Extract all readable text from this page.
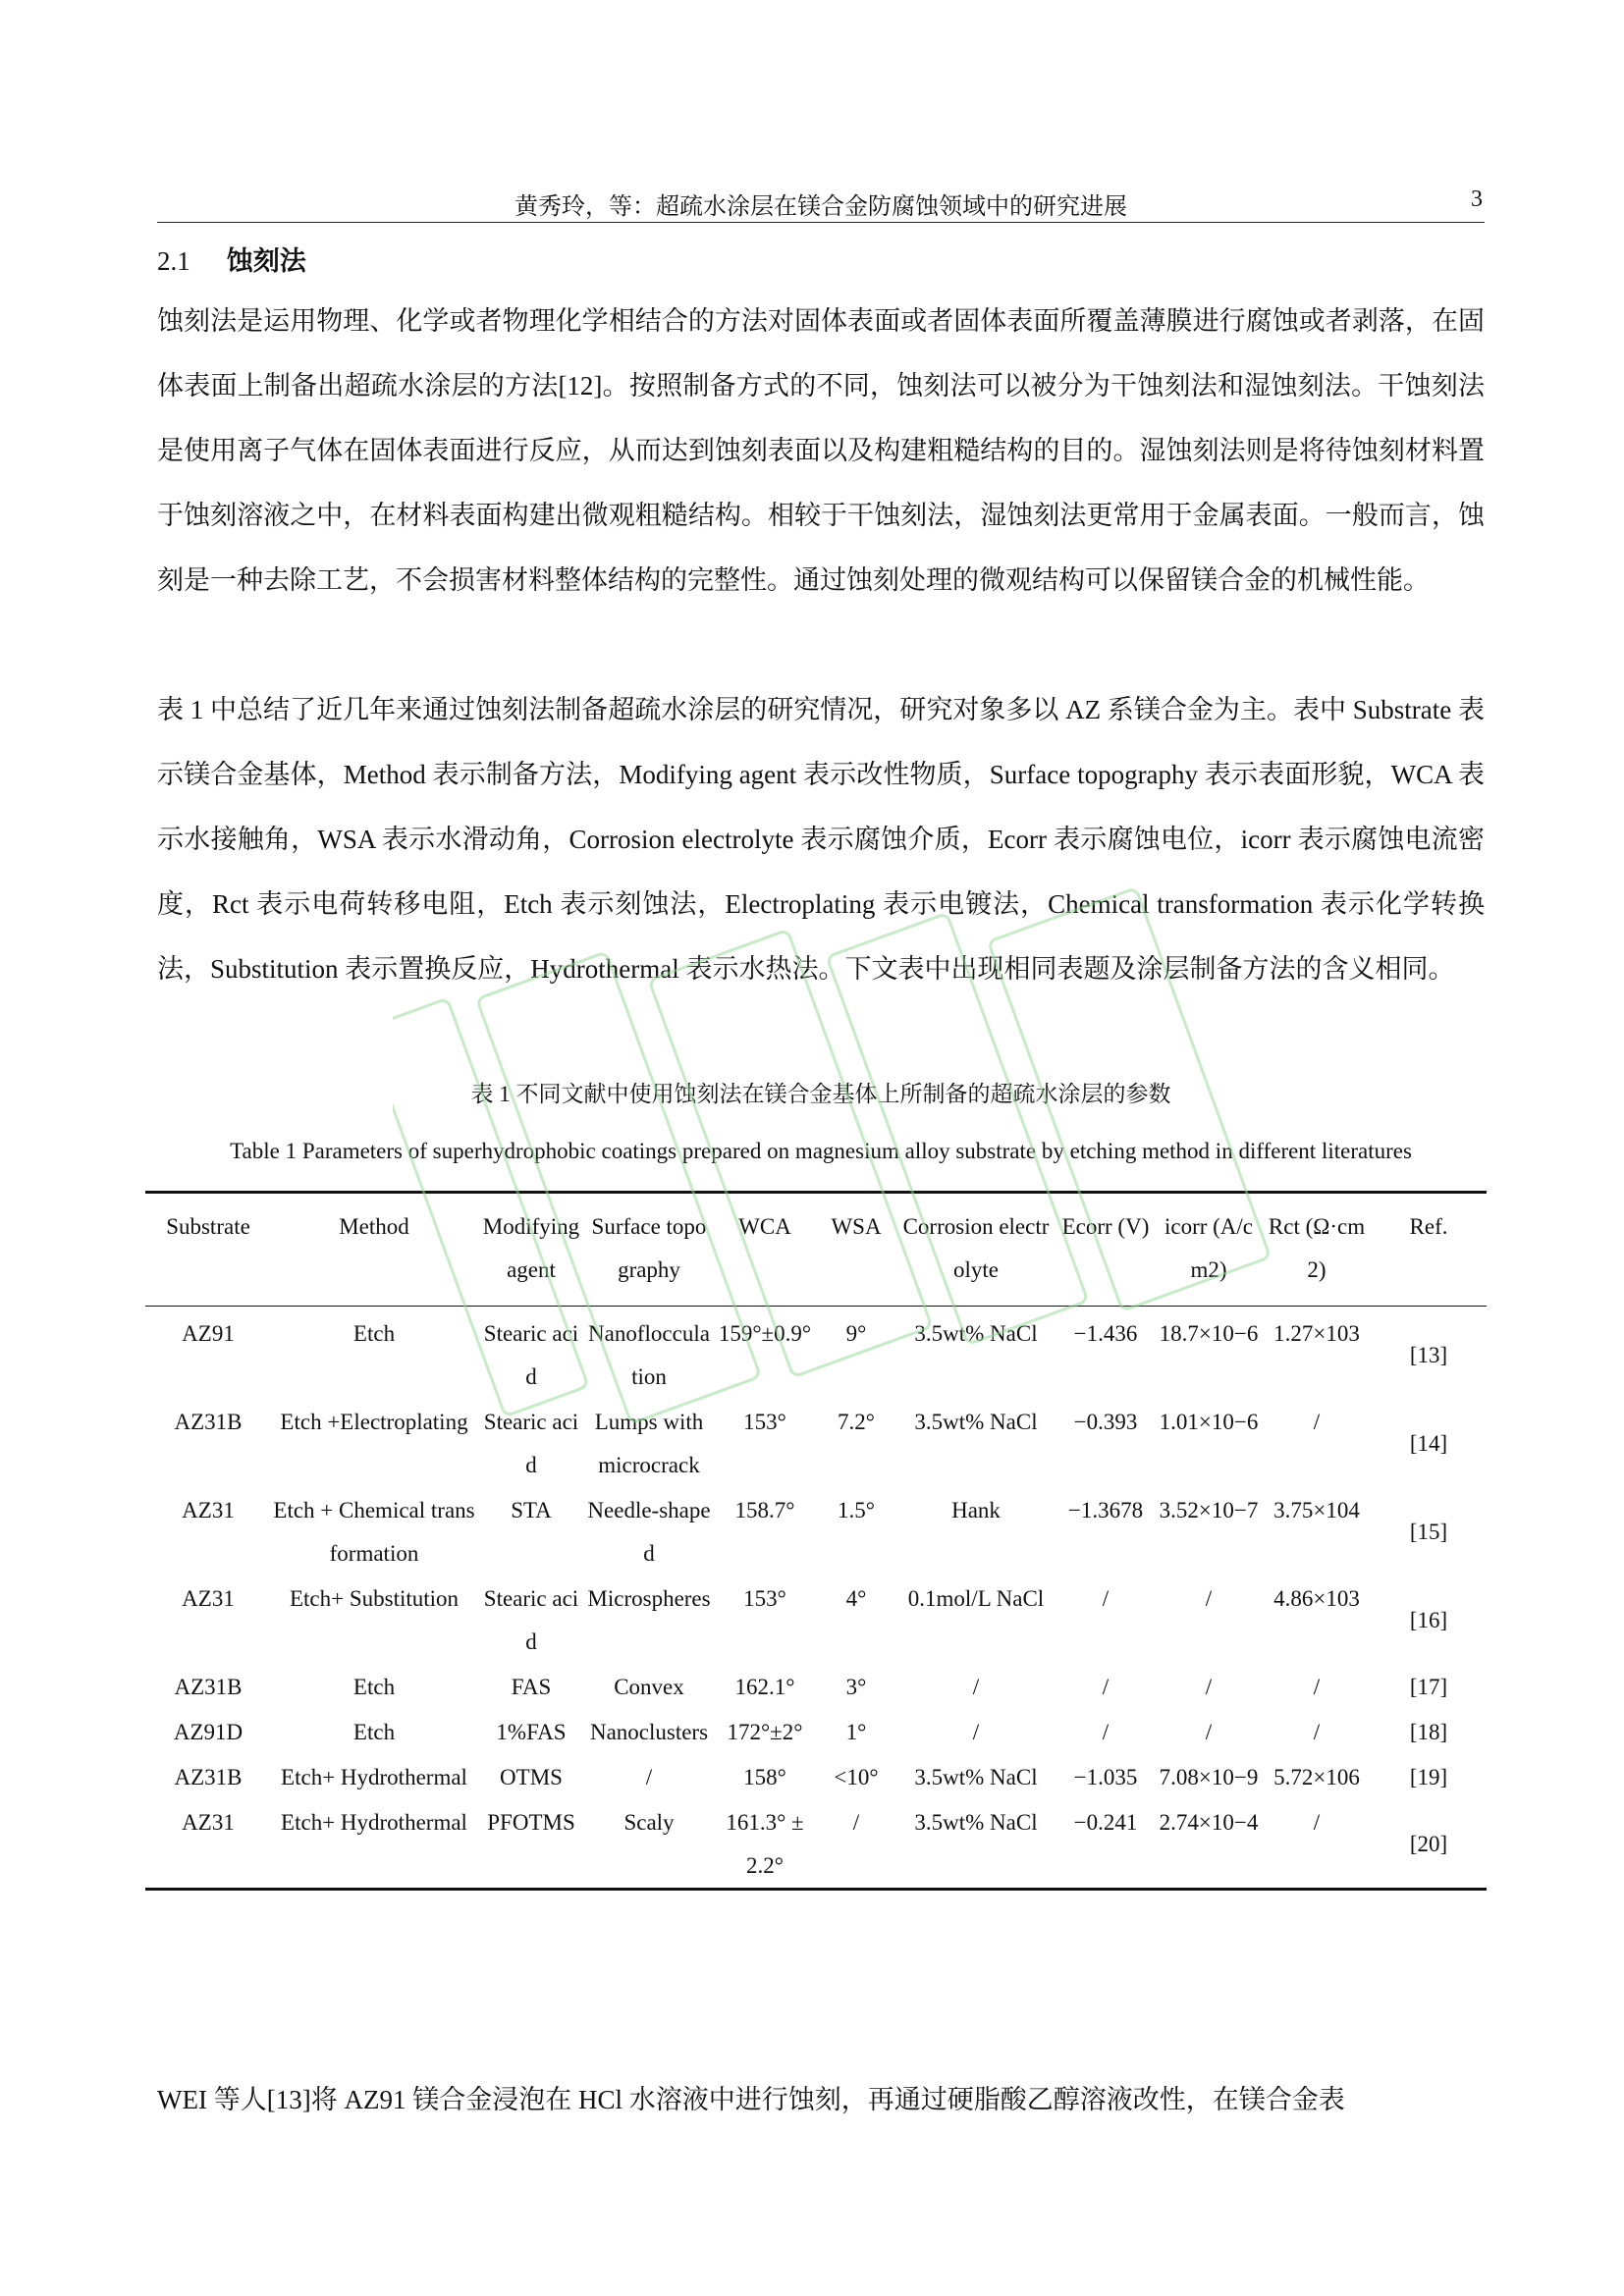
黄秀玲，等：超疏水涂层在镁合金防腐蚀领域中的研究进展	3
2.1 蚀刻法

蚀刻法是运用物理、化学或者物理化学相结合的方法对固体表面或者固体表面所覆盖薄膜进行腐蚀或者剥落，在固体表面上制备出超疏水涂层的方法[12]。按照制备方式的不同，蚀刻法可以被分为干蚀刻法和湿蚀刻法。干蚀刻法是使用离子气体在固体表面进行反应，从而达到蚀刻表面以及构建粗糙结构的目的。湿蚀刻法则是将待蚀刻材料置于蚀刻溶液之中，在材料表面构建出微观粗糙结构。相较于干蚀刻法，湿蚀刻法更常用于金属表面。一般而言，蚀刻是一种去除工艺，不会损害材料整体结构的完整性。通过蚀刻处理的微观结构可以保留镁合金的机械性能。

表 1 中总结了近几年来通过蚀刻法制备超疏水涂层的研究情况，研究对象多以 AZ 系镁合金为主。表中 Substrate 表示镁合金基体，Method 表示制备方法，Modifying agent 表示改性物质，Surface topography 表示表面形貌，WCA 表示水接触角，WSA 表示水滑动角，Corrosion electrolyte 表示腐蚀介质，Ecorr 表示腐蚀电位，icorr 表示腐蚀电流密度，Rct 表示电荷转移电阻，Etch 表示刻蚀法，Electroplating 表示电镀法，Chemical transformation 表示化学转换法，Substitution 表示置换反应，Hydrothermal 表示水热法。下文表中出现相同表题及涂层制备方法的含义相同。

表 1 不同文献中使用蚀刻法在镁合金基体上所制备的超疏水涂层的参数
Table 1 Parameters of superhydrophobic coatings prepared on magnesium alloy substrate by etching method in different literatures
Substrate	Method	Modifying agent	Surface topography	WCA	WSA	Corrosion electrolyte	Ecorr (V)	icorr (A/cm2)	Rct (Ω·cm2)	Ref.
AZ91	Etch	Stearic acid	Nanoflocculation	159°±0.9°	9°	3.5wt% NaCl	−1.436	18.7×10−6	1.27×103	[13]
AZ31B	Etch +Electroplating	Stearic acid	Lumps with microcrack	153°	7.2°	3.5wt% NaCl	−0.393	1.01×10−6	/	[14]
AZ31	Etch + Chemical transformation	STA	Needle-shaped	158.7°	1.5°	Hank	−1.3678	3.52×10−7	3.75×104	[15]
AZ31	Etch+ Substitution	Stearic acid	Microspheres	153°	4°	0.1mol/L NaCl	/	/	4.86×103	[16]
AZ31B	Etch	FAS	Convex	162.1°	3°	/	/	/	/	[17]
AZ91D	Etch	1%FAS	Nanoclusters	172°±2°	1°	/	/	/	/	[18]
AZ31B	Etch+ Hydrothermal	OTMS	/	158°	<10°	3.5wt% NaCl	−1.035	7.08×10−9	5.72×106	[19]
AZ31	Etch+ Hydrothermal	PFOTMS	Scaly	161.3° ± 2.2°	/	3.5wt% NaCl	−0.241	2.74×10−4	/	[20]

WEI 等人[13]将 AZ91 镁合金浸泡在 HCl 水溶液中进行蚀刻，再通过硬脂酸乙醇溶液改性，在镁合金表
